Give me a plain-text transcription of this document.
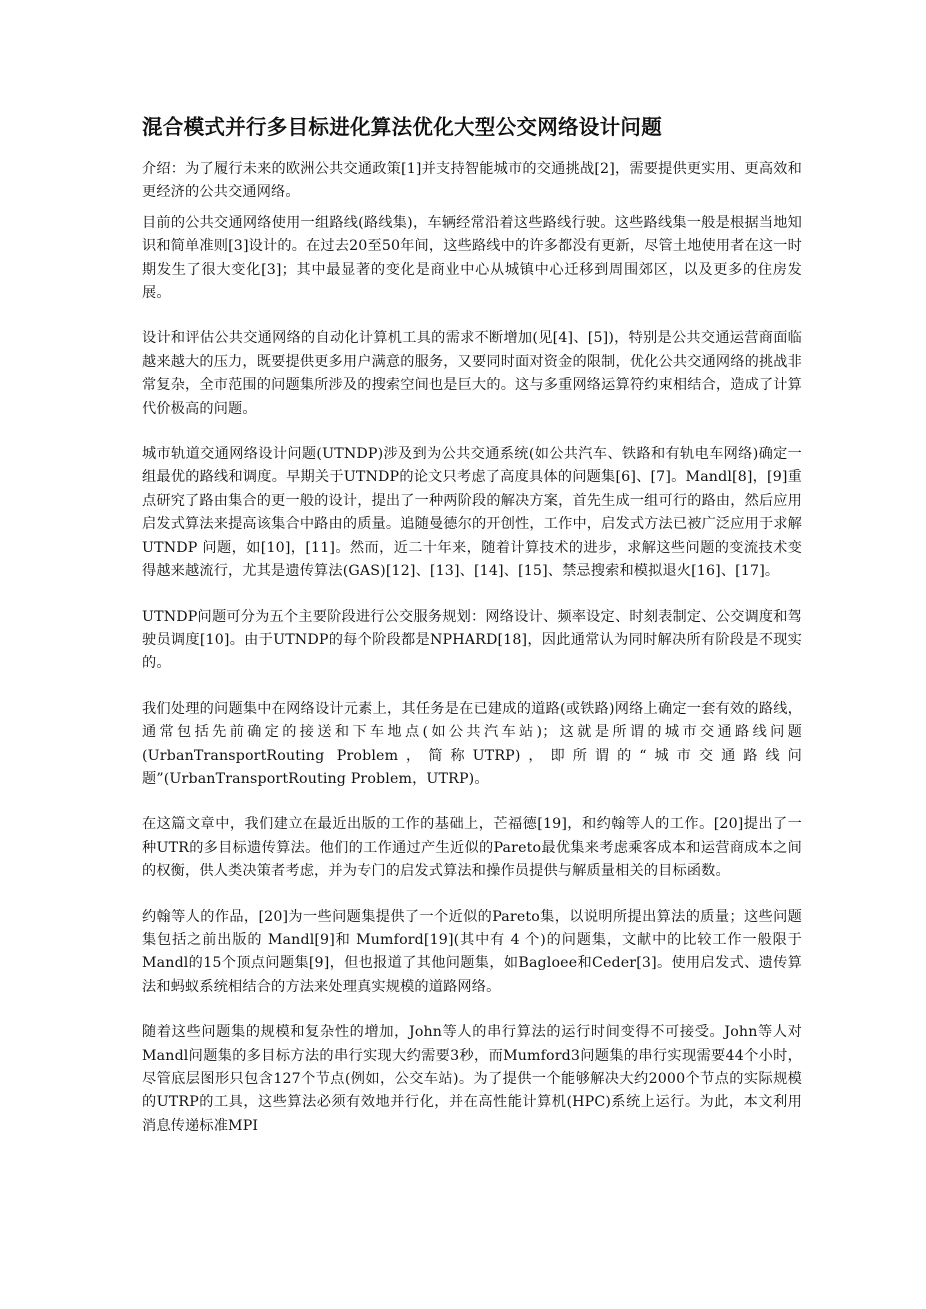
混合模式并行多目标进化算法优化大型公交网络设计问题

介绍：为了履行未来的欧洲公共交通政策[1]并支持智能城市的交通挑战[2]，需要提供更实用、更高效和更经济的公共交通网络。

目前的公共交通网络使用一组路线(路线集)，车辆经常沿着这些路线行驶。这些路线集一般是根据当地知识和简单准则[3]设计的。在过去20至50年间，这些路线中的许多都没有更新，尽管土地使用者在这一时期发生了很大变化[3]；其中最显著的变化是商业中心从城镇中心迁移到周围郊区，以及更多的住房发展。

设计和评估公共交通网络的自动化计算机工具的需求不断增加(见[4]、[5])，特别是公共交通运营商面临越来越大的压力，既要提供更多用户满意的服务，又要同时面对资金的限制，优化公共交通网络的挑战非常复杂，全市范围的问题集所涉及的搜索空间也是巨大的。这与多重网络运算符约束相结合，造成了计算代价极高的问题。

城市轨道交通网络设计问题(UTNDP)涉及到为公共交通系统(如公共汽车、铁路和有轨电车网络)确定一组最优的路线和调度。早期关于UTNDP的论文只考虑了高度具体的问题集[6]、[7]。Mandl[8]，[9]重点研究了路由集合的更一般的设计，提出了一种两阶段的解决方案，首先生成一组可行的路由，然后应用启发式算法来提高该集合中路由的质量。追随曼德尔的开创性，工作中，启发式方法已被广泛应用于求解 UTNDP 问题，如[10]，[11]。然而，近二十年来，随着计算技术的进步，求解这些问题的变流技术变得越来越流行，尤其是遗传算法(GAS)[12]、[13]、[14]、[15]、禁忌搜索和模拟退火[16]、[17]。

UTNDP问题可分为五个主要阶段进行公交服务规划：网络设计、频率设定、时刻表制定、公交调度和驾驶员调度[10]。由于UTNDP的每个阶段都是NPHARD[18]，因此通常认为同时解决所有阶段是不现实的。

我们处理的问题集中在网络设计元素上，其任务是在已建成的道路(或铁路)网络上确定一套有效的路线，通常包括先前确定的接送和下车地点(如公共汽车站)；这就是所谓的城市交通路线问题(UrbanTransportRouting Problem，简称UTRP)，即所谓的“城市交通路线问题”(UrbanTransportRouting Problem，UTRP)。

在这篇文章中，我们建立在最近出版的工作的基础上，芒福德[19]，和约翰等人的工作。[20]提出了一种UTR的多目标遗传算法。他们的工作通过产生近似的Pareto最优集来考虑乘客成本和运营商成本之间的权衡，供人类决策者考虑，并为专门的启发式算法和操作员提供与解质量相关的目标函数。

约翰等人的作品，[20]为一些问题集提供了一个近似的Pareto集，以说明所提出算法的质量；这些问题集包括之前出版的 Mandl[9]和 Mumford[19](其中有 4 个)的问题集，文献中的比较工作一般限于Mandl的15个顶点问题集[9]，但也报道了其他问题集，如Bagloee和Ceder[3]。使用启发式、遗传算法和蚂蚁系统相结合的方法来处理真实规模的道路网络。

随着这些问题集的规模和复杂性的增加，John等人的串行算法的运行时间变得不可接受。John等人对Mandl问题集的多目标方法的串行实现大约需要3秒，而Mumford3问题集的串行实现需要44个小时，尽管底层图形只包含127个节点(例如，公交车站)。为了提供一个能够解决大约2000个节点的实际规模的UTRP的工具，这些算法必须有效地并行化，并在高性能计算机(HPC)系统上运行。为此，本文利用消息传递标准MPI
